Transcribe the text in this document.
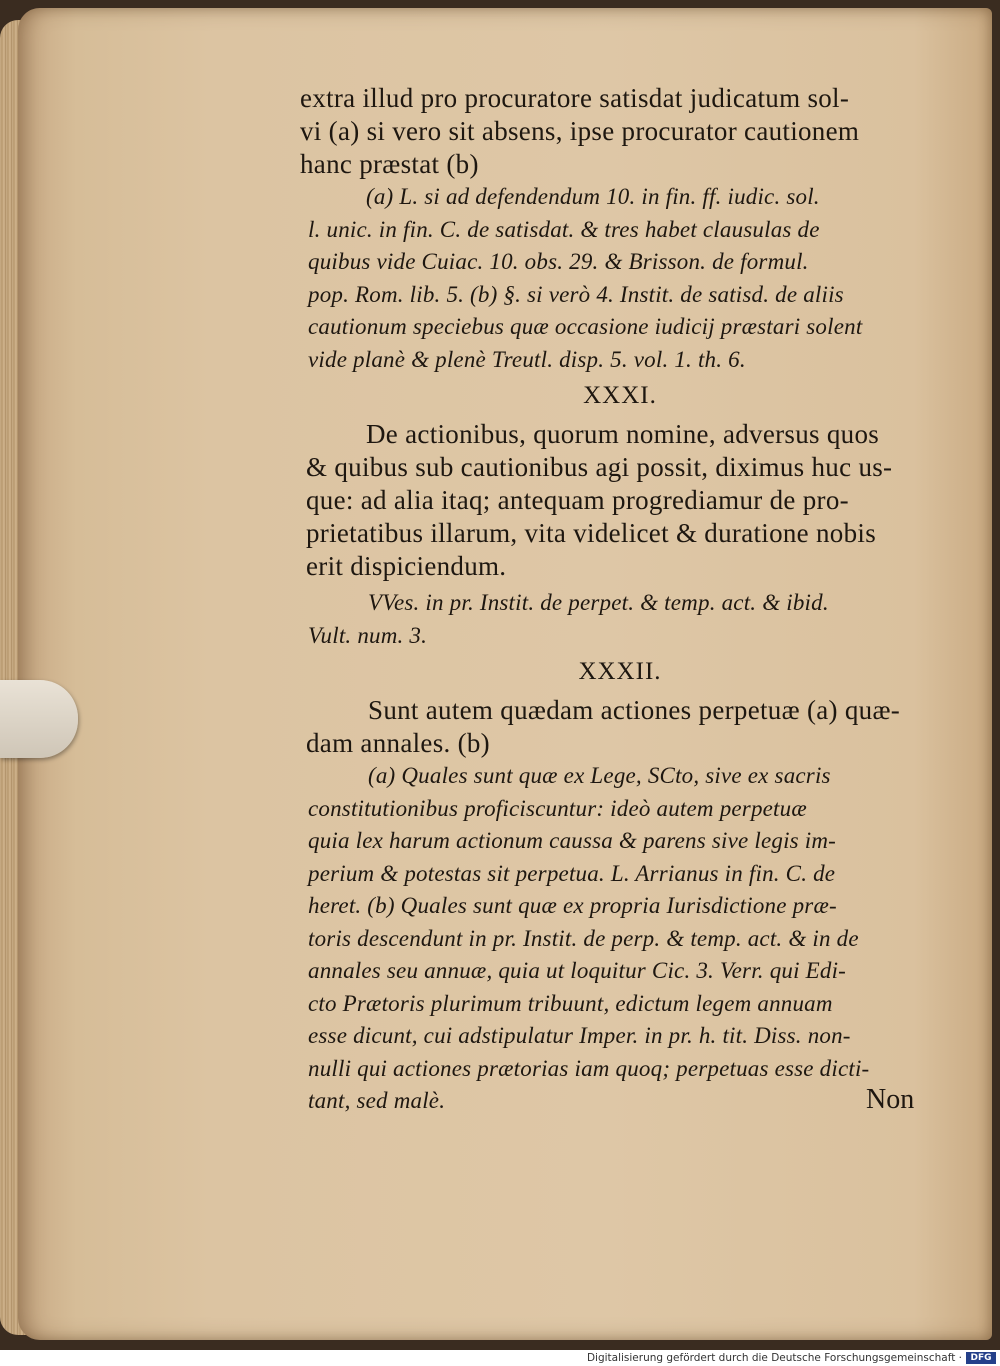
extra illud pro procuratore satisdat judicatum sol-
vi (a) si vero sit absens, ipse procurator cautionem
hanc præstat (b)
(a) L. si ad defendendum 10. in fin. ff. iudic. sol.
l. unic. in fin. C. de satisdat. & tres habet clausulas de
quibus vide Cuiac. 10. obs. 29. & Brisson. de formul.
pop. Rom. lib. 5. (b) §. si verò 4. Instit. de satisd. de aliis
cautionum speciebus quæ occasione iudicij præstari solent
vide planè & plenè Treutl. disp. 5. vol. 1. th. 6.
XXXI.
De actionibus, quorum nomine, adversus quos
& quibus sub cautionibus agi possit, diximus huc us-
que: ad alia itaq; antequam progrediamur de pro-
prietatibus illarum, vita videlicet & duratione nobis
erit dispiciendum.
VVes. in pr. Instit. de perpet. & temp. act. & ibid.
Vult. num. 3.
XXXII.
Sunt autem quædam actiones perpetuæ (a) quæ-
dam annales. (b)
(a) Quales sunt quæ ex Lege, SCto, sive ex sacris
constitutionibus proficiscuntur: ideò autem perpetuæ
quia lex harum actionum caussa & parens sive legis im-
perium & potestas sit perpetua. L. Arrianus in fin. C. de
heret. (b) Quales sunt quæ ex propria Iurisdictione præ-
toris descendunt in pr. Instit. de perp. & temp. act. & in de
annales seu annuæ, quia ut loquitur Cic. 3. Verr. qui Edi-
cto Prætoris plurimum tribuunt, edictum legem annuam
esse dicunt, cui adstipulatur Imper. in pr. h. tit. Diss. non-
nulli qui actiones prætorias iam quoq; perpetuas esse dicti-
tant, sed malè.	Non
Digitalisierung gefördert durch die Deutsche Forschungsgemeinschaft · DFG
